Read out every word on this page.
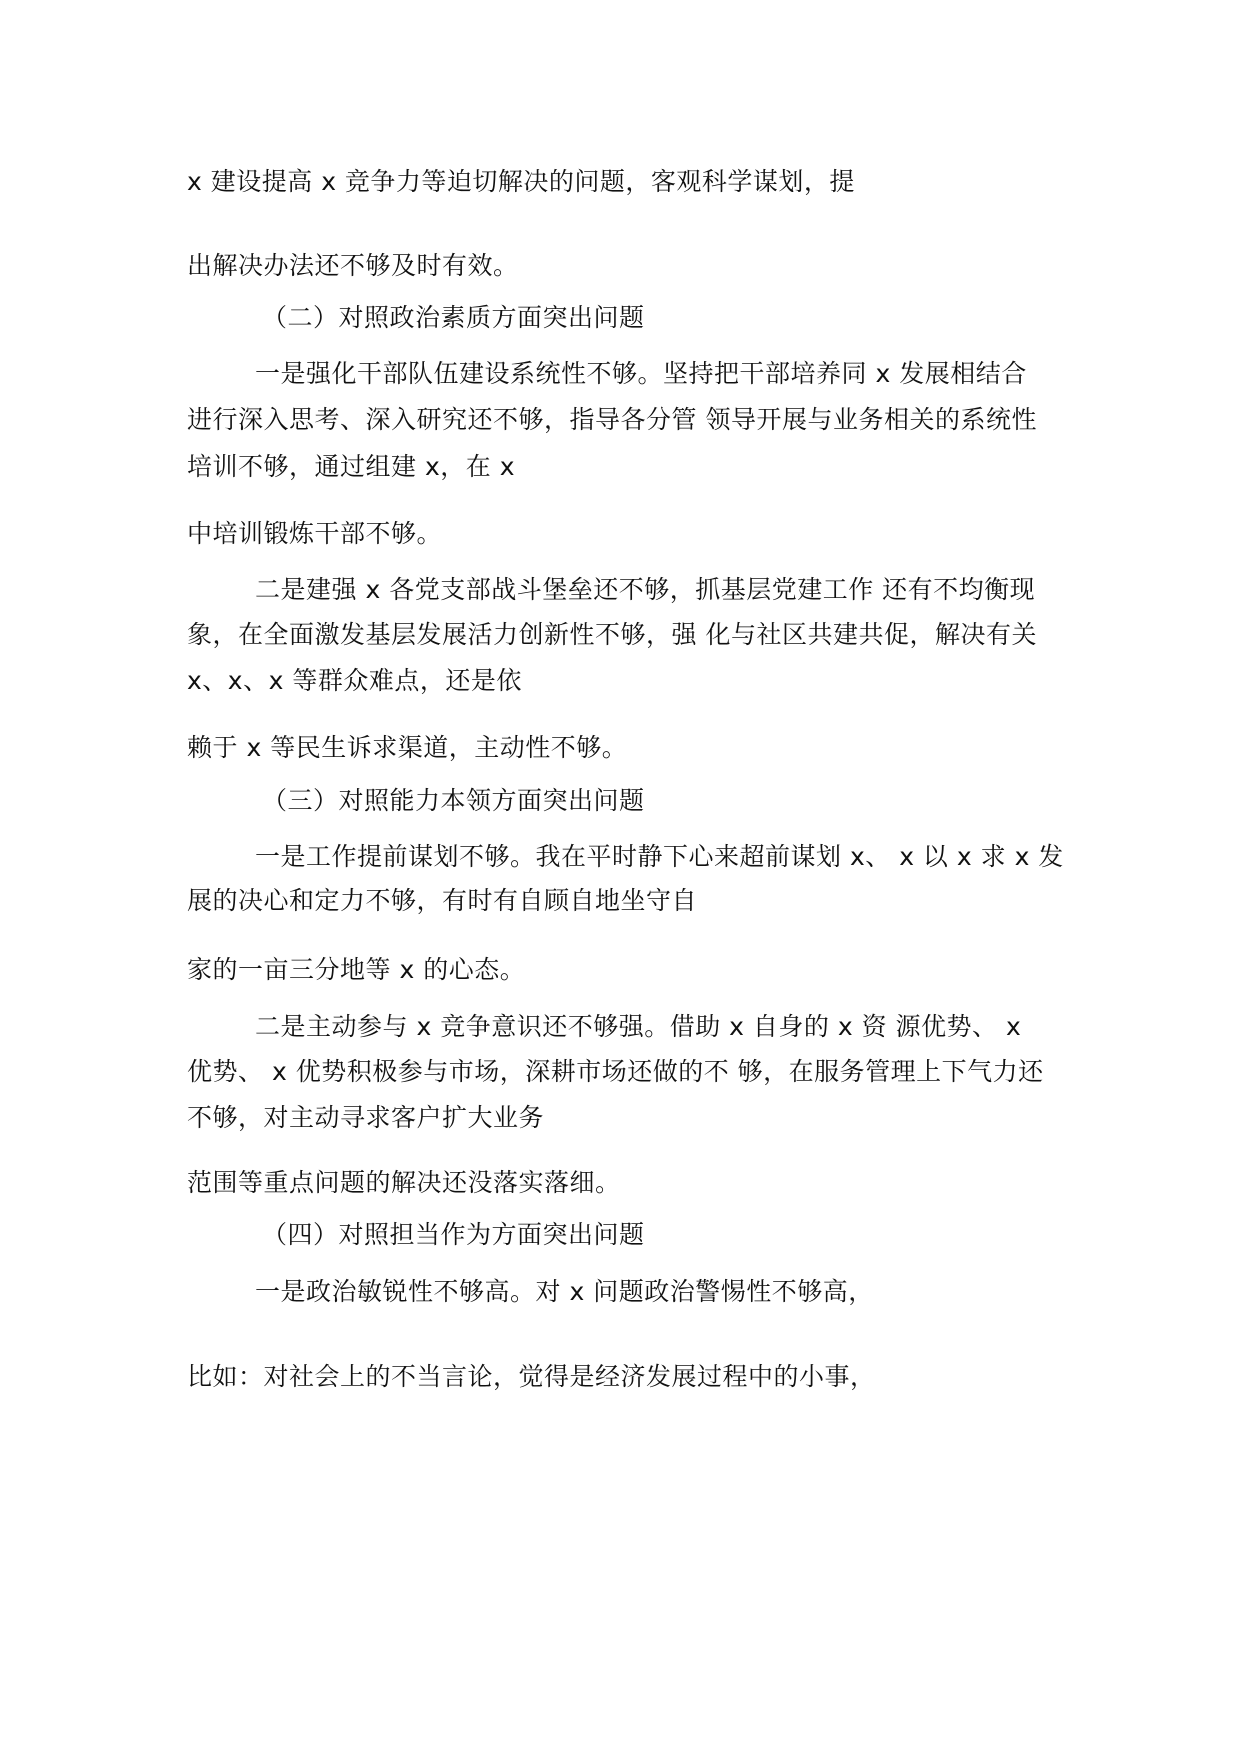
x 建设提高 x 竞争力等迫切解决的问题，客观科学谋划，提

出解决办法还不够及时有效。

（二）对照政治素质方面突出问题

一是强化干部队伍建设系统性不够。坚持把干部培养同 x 发展相结合

进行深入思考、深入研究还不够，指导各分管 领导开展与业务相关的系统性

培训不够，通过组建 x，在 x

中培训锻炼干部不够。

二是建强 x 各党支部战斗堡垒还不够，抓基层党建工作 还有不均衡现

象，在全面激发基层发展活力创新性不够，强 化与社区共建共促，解决有关

x、x、x 等群众难点，还是依

赖于 x 等民生诉求渠道，主动性不够。

（三）对照能力本领方面突出问题

一是工作提前谋划不够。我在平时静下心来超前谋划 x、 x 以 x 求 x 发

展的决心和定力不够，有时有自顾自地坐守自

家的一亩三分地等 x 的心态。

二是主动参与 x 竞争意识还不够强。借助 x 自身的 x 资 源优势、 x

优势、 x 优势积极参与市场，深耕市场还做的不 够，在服务管理上下气力还

不够，对主动寻求客户扩大业务

范围等重点问题的解决还没落实落细。

（四）对照担当作为方面突出问题

一是政治敏锐性不够高。对 x 问题政治警惕性不够高，

比如：对社会上的不当言论，觉得是经济发展过程中的小事，
